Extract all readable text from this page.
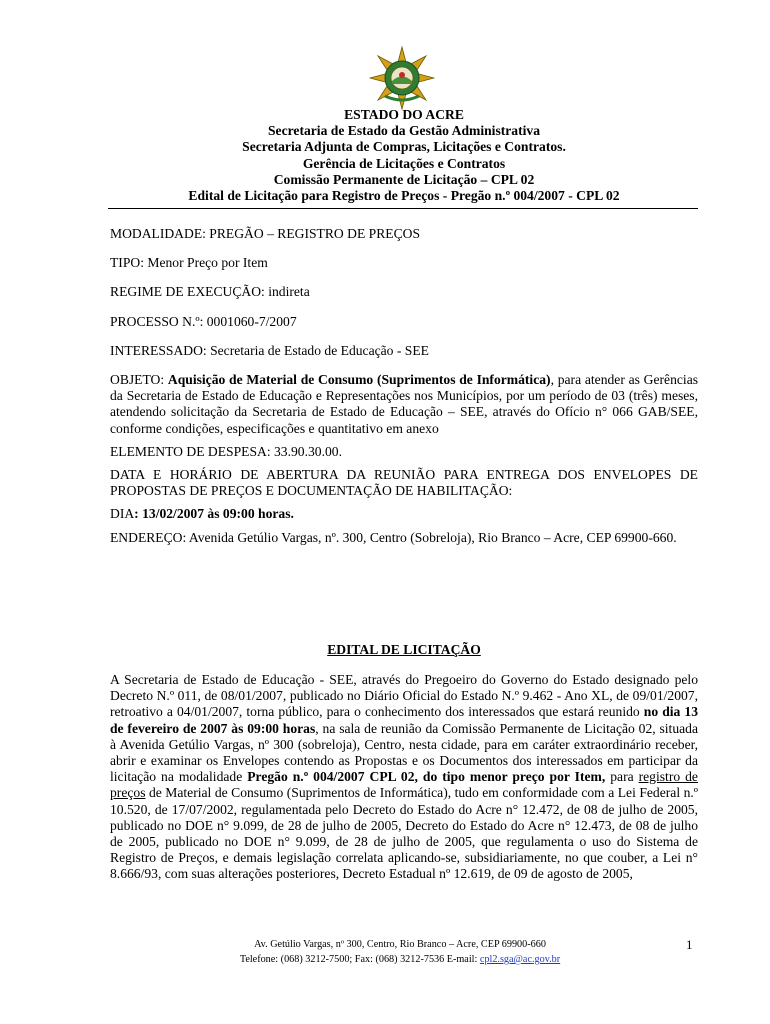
ESTADO DO ACRE
Secretaria de Estado da Gestão Administrativa
Secretaria Adjunta de Compras, Licitações e Contratos.
Gerência de Licitações e Contratos
Comissão Permanente de Licitação – CPL 02
Edital de Licitação para Registro de Preços - Pregão n.º 004/2007 - CPL 02

MODALIDADE: PREGÃO – REGISTRO DE PREÇOS

TIPO: Menor Preço por Item

REGIME DE EXECUÇÃO: indireta

PROCESSO N.º: 0001060-7/2007

INTERESSADO: Secretaria de Estado de Educação - SEE

OBJETO: Aquisição de Material de Consumo (Suprimentos de Informática), para atender as Gerências da Secretaria de Estado de Educação e Representações nos Municípios, por um período de 03 (três) meses, atendendo solicitação da Secretaria de Estado de Educação – SEE, através do Ofício n° 066 GAB/SEE, conforme condições, especificações e quantitativo em anexo

ELEMENTO DE DESPESA: 33.90.30.00.

DATA E HORÁRIO DE ABERTURA DA REUNIÃO PARA ENTREGA DOS ENVELOPES DE PROPOSTAS DE PREÇOS E DOCUMENTAÇÃO DE HABILITAÇÃO:

DIA: 13/02/2007 às 09:00 horas.

ENDEREÇO: Avenida Getúlio Vargas, nº. 300, Centro (Sobreloja), Rio Branco – Acre, CEP 69900-660.

EDITAL DE LICITAÇÃO
A Secretaria de Estado de Educação - SEE, através do Pregoeiro do Governo do Estado designado pelo Decreto N.º 011, de 08/01/2007, publicado no Diário Oficial do Estado N.º 9.462 - Ano XL, de 09/01/2007, retroativo a 04/01/2007, torna público, para o conhecimento dos interessados que estará reunido no dia 13 de fevereiro de 2007 às 09:00 horas, na sala de reunião da Comissão Permanente de Licitação 02, situada à Avenida Getúlio Vargas, nº 300 (sobreloja), Centro, nesta cidade, para em caráter extraordinário receber, abrir e examinar os Envelopes contendo as Propostas e os Documentos dos interessados em participar da licitação na modalidade Pregão n.º 004/2007 CPL 02, do tipo menor preço por Item, para registro de preços de Material de Consumo (Suprimentos de Informática), tudo em conformidade com a Lei Federal n.º 10.520, de 17/07/2002, regulamentada pelo Decreto do Estado do Acre n° 12.472, de 08 de julho de 2005, publicado no DOE n° 9.099, de 28 de julho de 2005, Decreto do Estado do Acre n° 12.473, de 08 de julho de 2005, publicado no DOE n° 9.099, de 28 de julho de 2005, que regulamenta o uso do Sistema de Registro de Preços, e demais legislação correlata aplicando-se, subsidiariamente, no que couber, a Lei n° 8.666/93, com suas alterações posteriores, Decreto Estadual nº 12.619, de 09 de agosto de 2005,
Av. Getúlio Vargas, nº 300, Centro, Rio Branco – Acre, CEP 69900-660
Telefone: (068) 3212-7500; Fax: (068) 3212-7536 E-mail: cpl2.sga@ac.gov.br
1
